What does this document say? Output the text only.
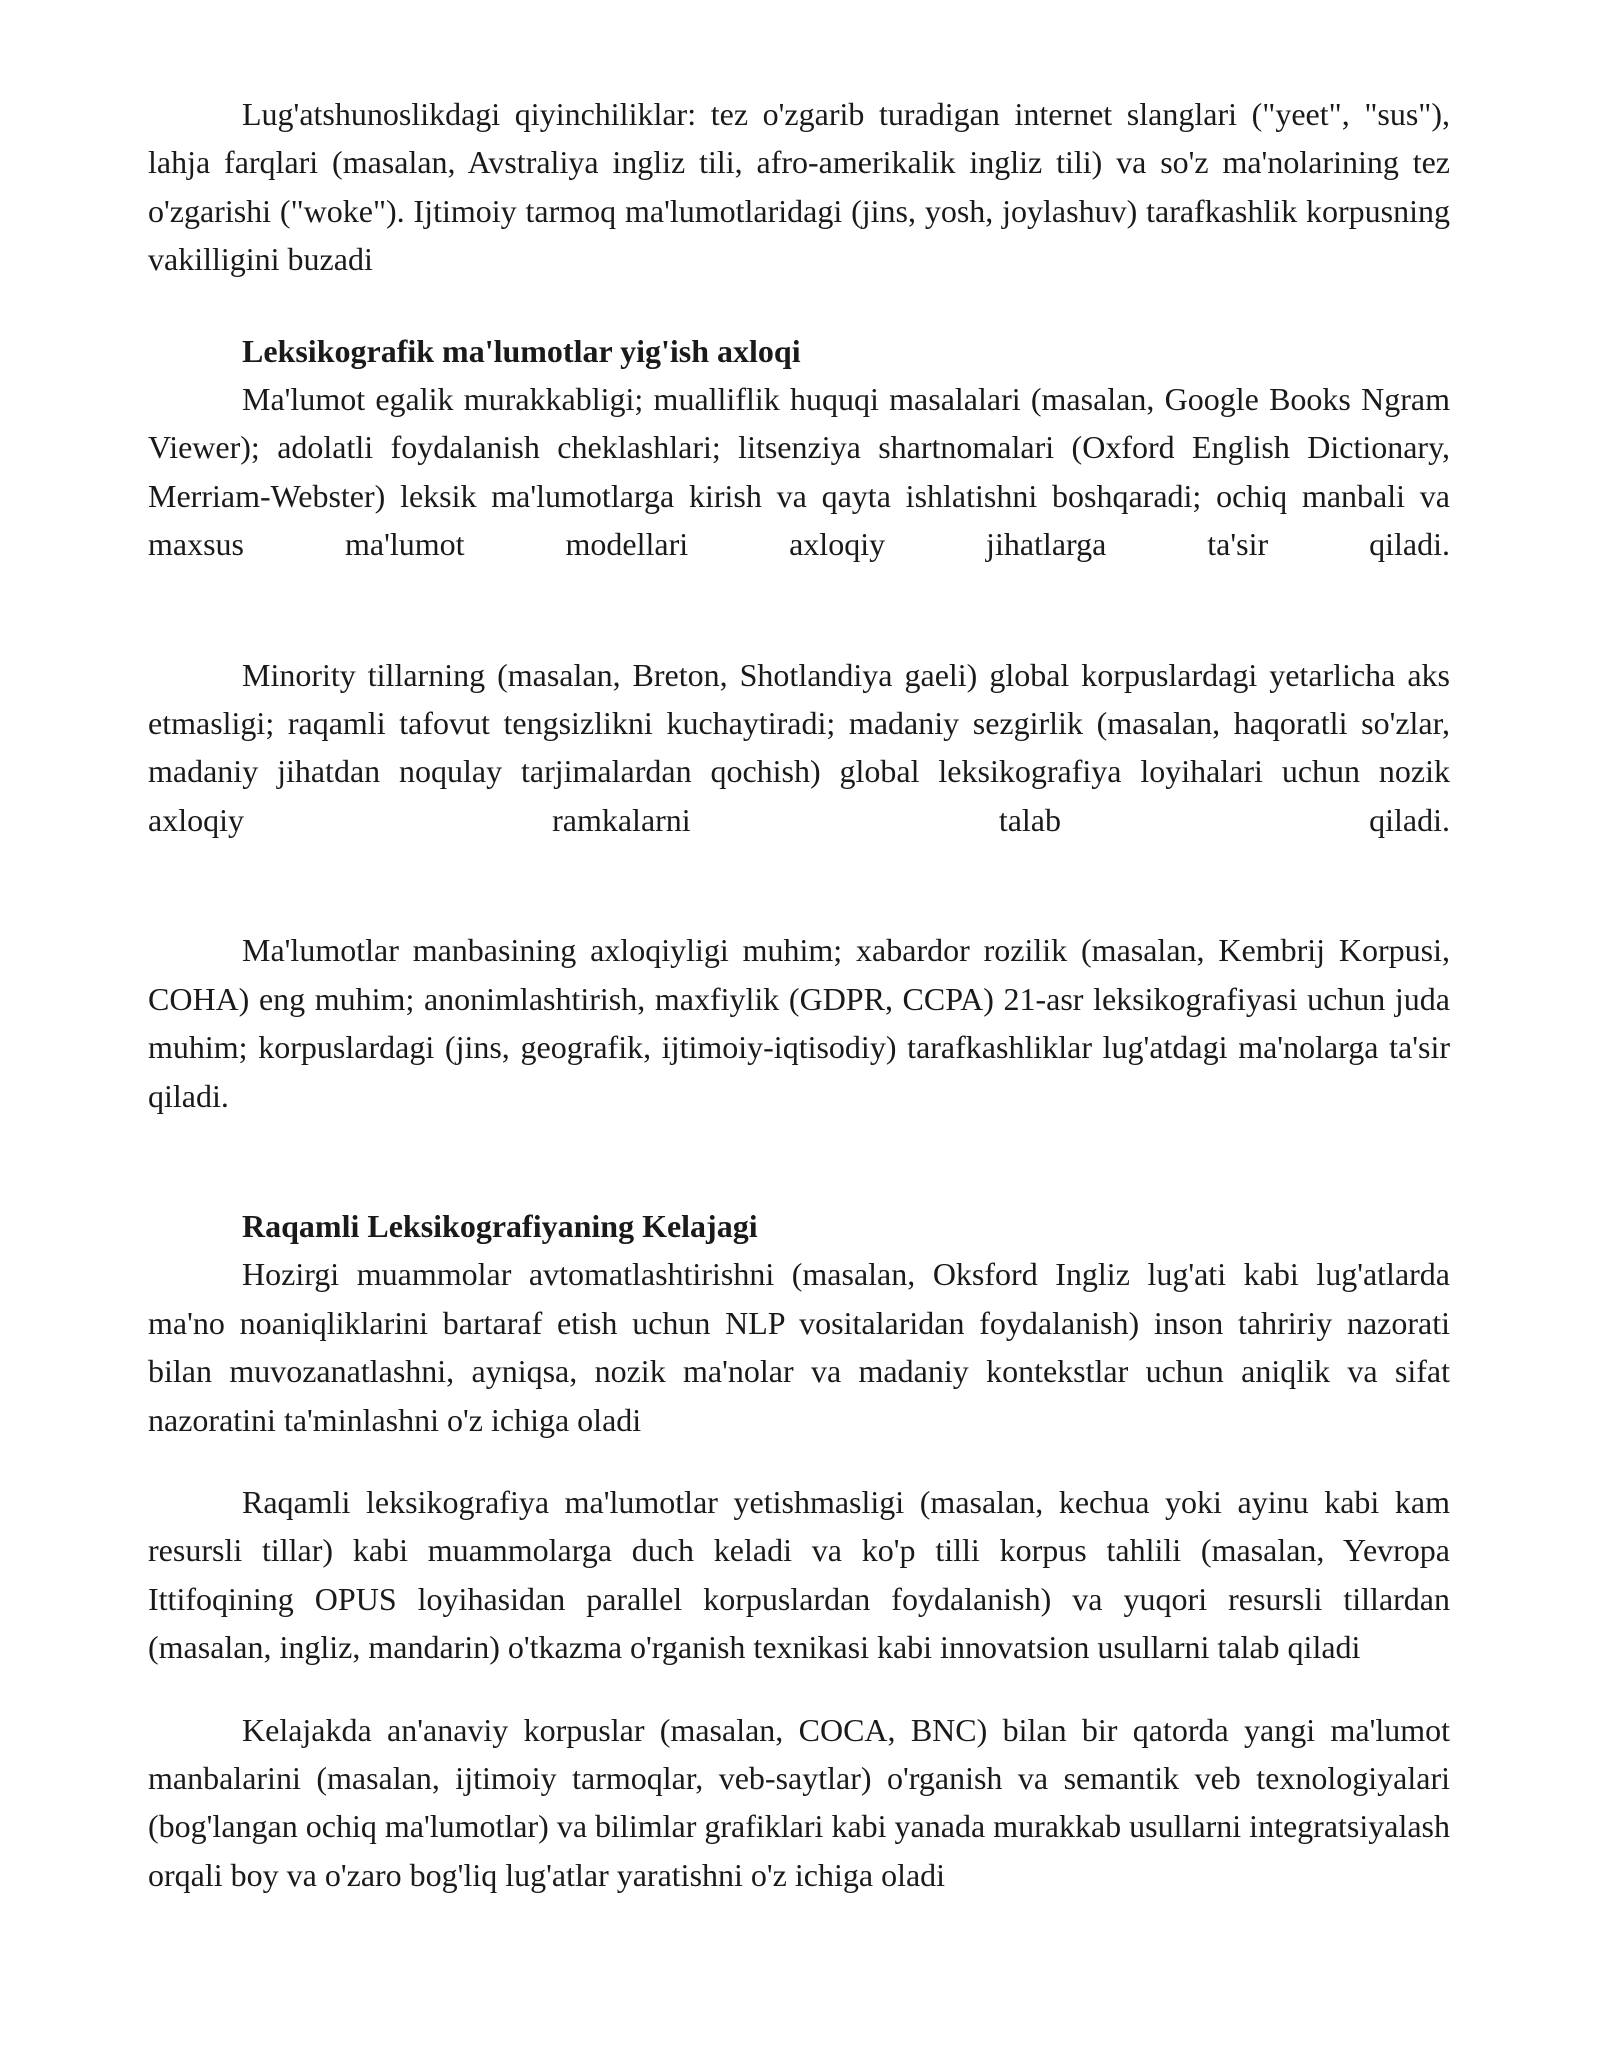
Lug'atshunoslikdagi qiyinchiliklar: tez o'zgarib turadigan internet slanglari ("yeet", "sus"), lahja farqlari (masalan, Avstraliya ingliz tili, afro-amerikalik ingliz tili) va so'z ma'nolarining tez o'zgarishi ("woke"). Ijtimoiy tarmoq ma'lumotlaridagi (jins, yosh, joylashuv) tarafkashlik korpusning vakilligini buzadi

Leksikografik ma'lumotlar yig'ish axloqi

Ma'lumot egalik murakkabligi; mualliflik huquqi masalalari (masalan, Google Books Ngram Viewer); adolatli foydalanish cheklashlari; litsenziya shartnomalari (Oxford English Dictionary, Merriam-Webster) leksik ma'lumotlarga kirish va qayta ishlatishni boshqaradi; ochiq manbali va maxsus ma'lumot modellari axloqiy jihatlarga ta'sir qiladi.

Minority tillarning (masalan, Breton, Shotlandiya gaeli) global korpuslardagi yetarlicha aks etmasligi; raqamli tafovut tengsizlikni kuchaytiradi; madaniy sezgirlik (masalan, haqoratli so'zlar, madaniy jihatdan noqulay tarjimalardan qochish) global leksikografiya loyihalari uchun nozik axloqiy ramkalarni talab qiladi.

Ma'lumotlar manbasining axloqiyligi muhim; xabardor rozilik (masalan, Kembrij Korpusi, COHA) eng muhim; anonimlashtirish, maxfiylik (GDPR, CCPA) 21-asr leksikografiyasi uchun juda muhim; korpuslardagi (jins, geografik, ijtimoiy-iqtisodiy) tarafkashliklar lug'atdagi ma'nolarga ta'sir qiladi.

Raqamli Leksikografiyaning Kelajagi

Hozirgi muammolar avtomatlashtirishni (masalan, Oksford Ingliz lug'ati kabi lug'atlarda ma'no noaniqliklarini bartaraf etish uchun NLP vositalaridan foydalanish) inson tahririy nazorati bilan muvozanatlashni, ayniqsa, nozik ma'nolar va madaniy kontekstlar uchun aniqlik va sifat nazoratini ta'minlashni o'z ichiga oladi

Raqamli leksikografiya ma'lumotlar yetishmasligi (masalan, kechua yoki ayinu kabi kam resursli tillar) kabi muammolarga duch keladi va ko'p tilli korpus tahlili (masalan, Yevropa Ittifoqining OPUS loyihasidan parallel korpuslardan foydalanish) va yuqori resursli tillardan (masalan, ingliz, mandarin) o'tkazma o'rganish texnikasi kabi innovatsion usullarni talab qiladi

Kelajakda an'anaviy korpuslar (masalan, COCA, BNC) bilan bir qatorda yangi ma'lumot manbalarini (masalan, ijtimoiy tarmoqlar, veb-saytlar) o'rganish va semantik veb texnologiyalari (bog'langan ochiq ma'lumotlar) va bilimlar grafiklari kabi yanada murakkab usullarni integratsiyalash orqali boy va o'zaro bog'liq lug'atlar yaratishni o'z ichiga oladi
